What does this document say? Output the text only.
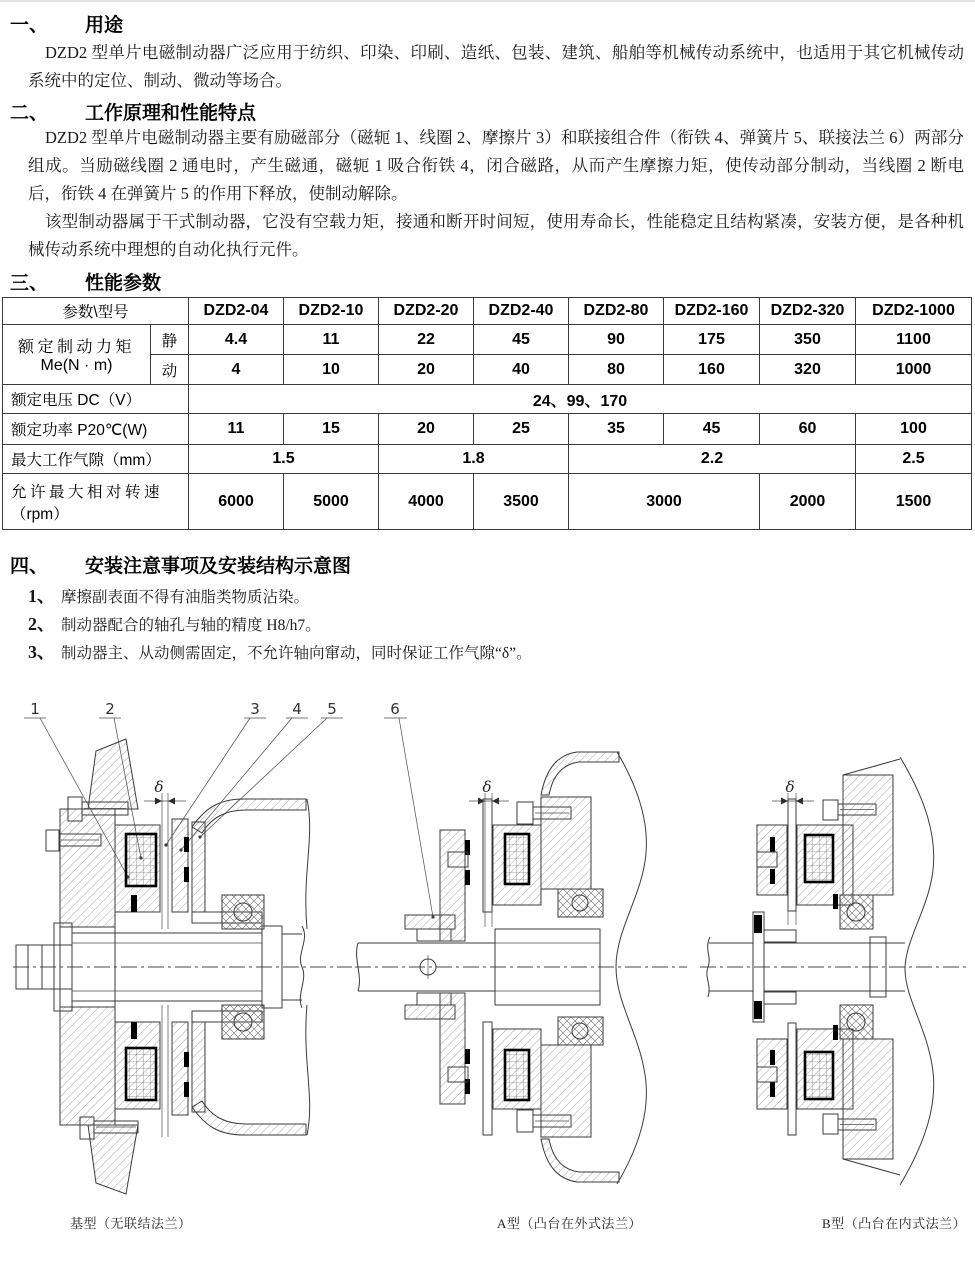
一、	用途

DZD2 型单片电磁制动器广泛应用于纺织、印染、印刷、造纸、包装、建筑、船舶等机械传动系统中，也适用于其它机械传动系统中的定位、制动、微动等场合。

二、	工作原理和性能特点

DZD2 型单片电磁制动器主要有励磁部分（磁轭 1、线圈 2、摩擦片 3）和联接组合件（衔铁 4、弹簧片 5、联接法兰 6）两部分组成。当励磁线圈 2 通电时，产生磁通，磁轭 1 吸合衔铁 4，闭合磁路，从而产生摩擦力矩，使传动部分制动，当线圈 2 断电后，衔铁 4 在弹簧片 5 的作用下释放，使制动解除。

该型制动器属于干式制动器，它没有空载力矩，接通和断开时间短，使用寿命长，性能稳定且结构紧凑，安装方便，是各种机械传动系统中理想的自动化执行元件。

三、	性能参数
参数\型号		DZD2-04	DZD2-10	DZD2-20	DZD2-40	DZD2-80	DZD2-160	DZD2-320	DZD2-1000

额定制动力矩
Me(N · m)	静	4.4	11	22	45	90	175	350	1100
	动	4	10	20	40	80	160	320	1000
额定电压 DC（V）		24、99、170							
额定功率 P20℃(W)		11	15	20	25	35	45	60	100
最大工作气隙（mm）		1.5		1.8		2.2			2.5

允许最大相对转速
（rpm）		6000	5000	4000	3500	3000		2000	1500
四、	安装注意事项及安装结构示意图
1、 摩擦副表面不得有油脂类物质沾染。
2、 制动器配合的轴孔与轴的精度 H8/h7。
3、 制动器主、从动侧需固定，不允许轴向窜动，同时保证工作气隙“δ”。
1	2	3 4 5
δ
6
δ	δ
基型（无联结法兰）	A型（凸台在外式法兰）	B型（凸台在内式法兰）
